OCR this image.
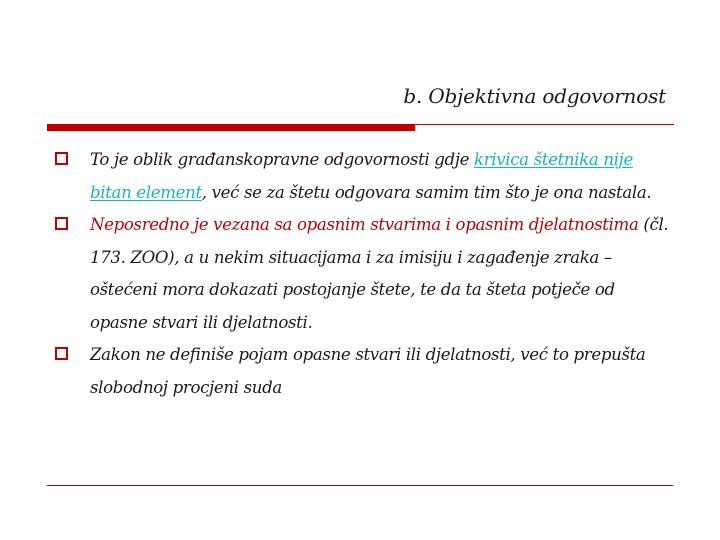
b. Objektivna odgovornost
To je oblik građanskopravne odgovornosti gdje krivica štetnika nije bitan element, već se za štetu odgovara samim tim što je ona nastala.
Neposredno je vezana sa opasnim stvarima i opasnim djelatnostima (čl. 173. ZOO), a u nekim situacijama i za imisiju i zagađenje zraka – oštećeni mora dokazati postojanje štete, te da ta šteta potječe od opasne stvari ili djelatnosti.
Zakon ne definiše pojam opasne stvari ili djelatnosti, već to prepušta slobodnoj procjeni suda
